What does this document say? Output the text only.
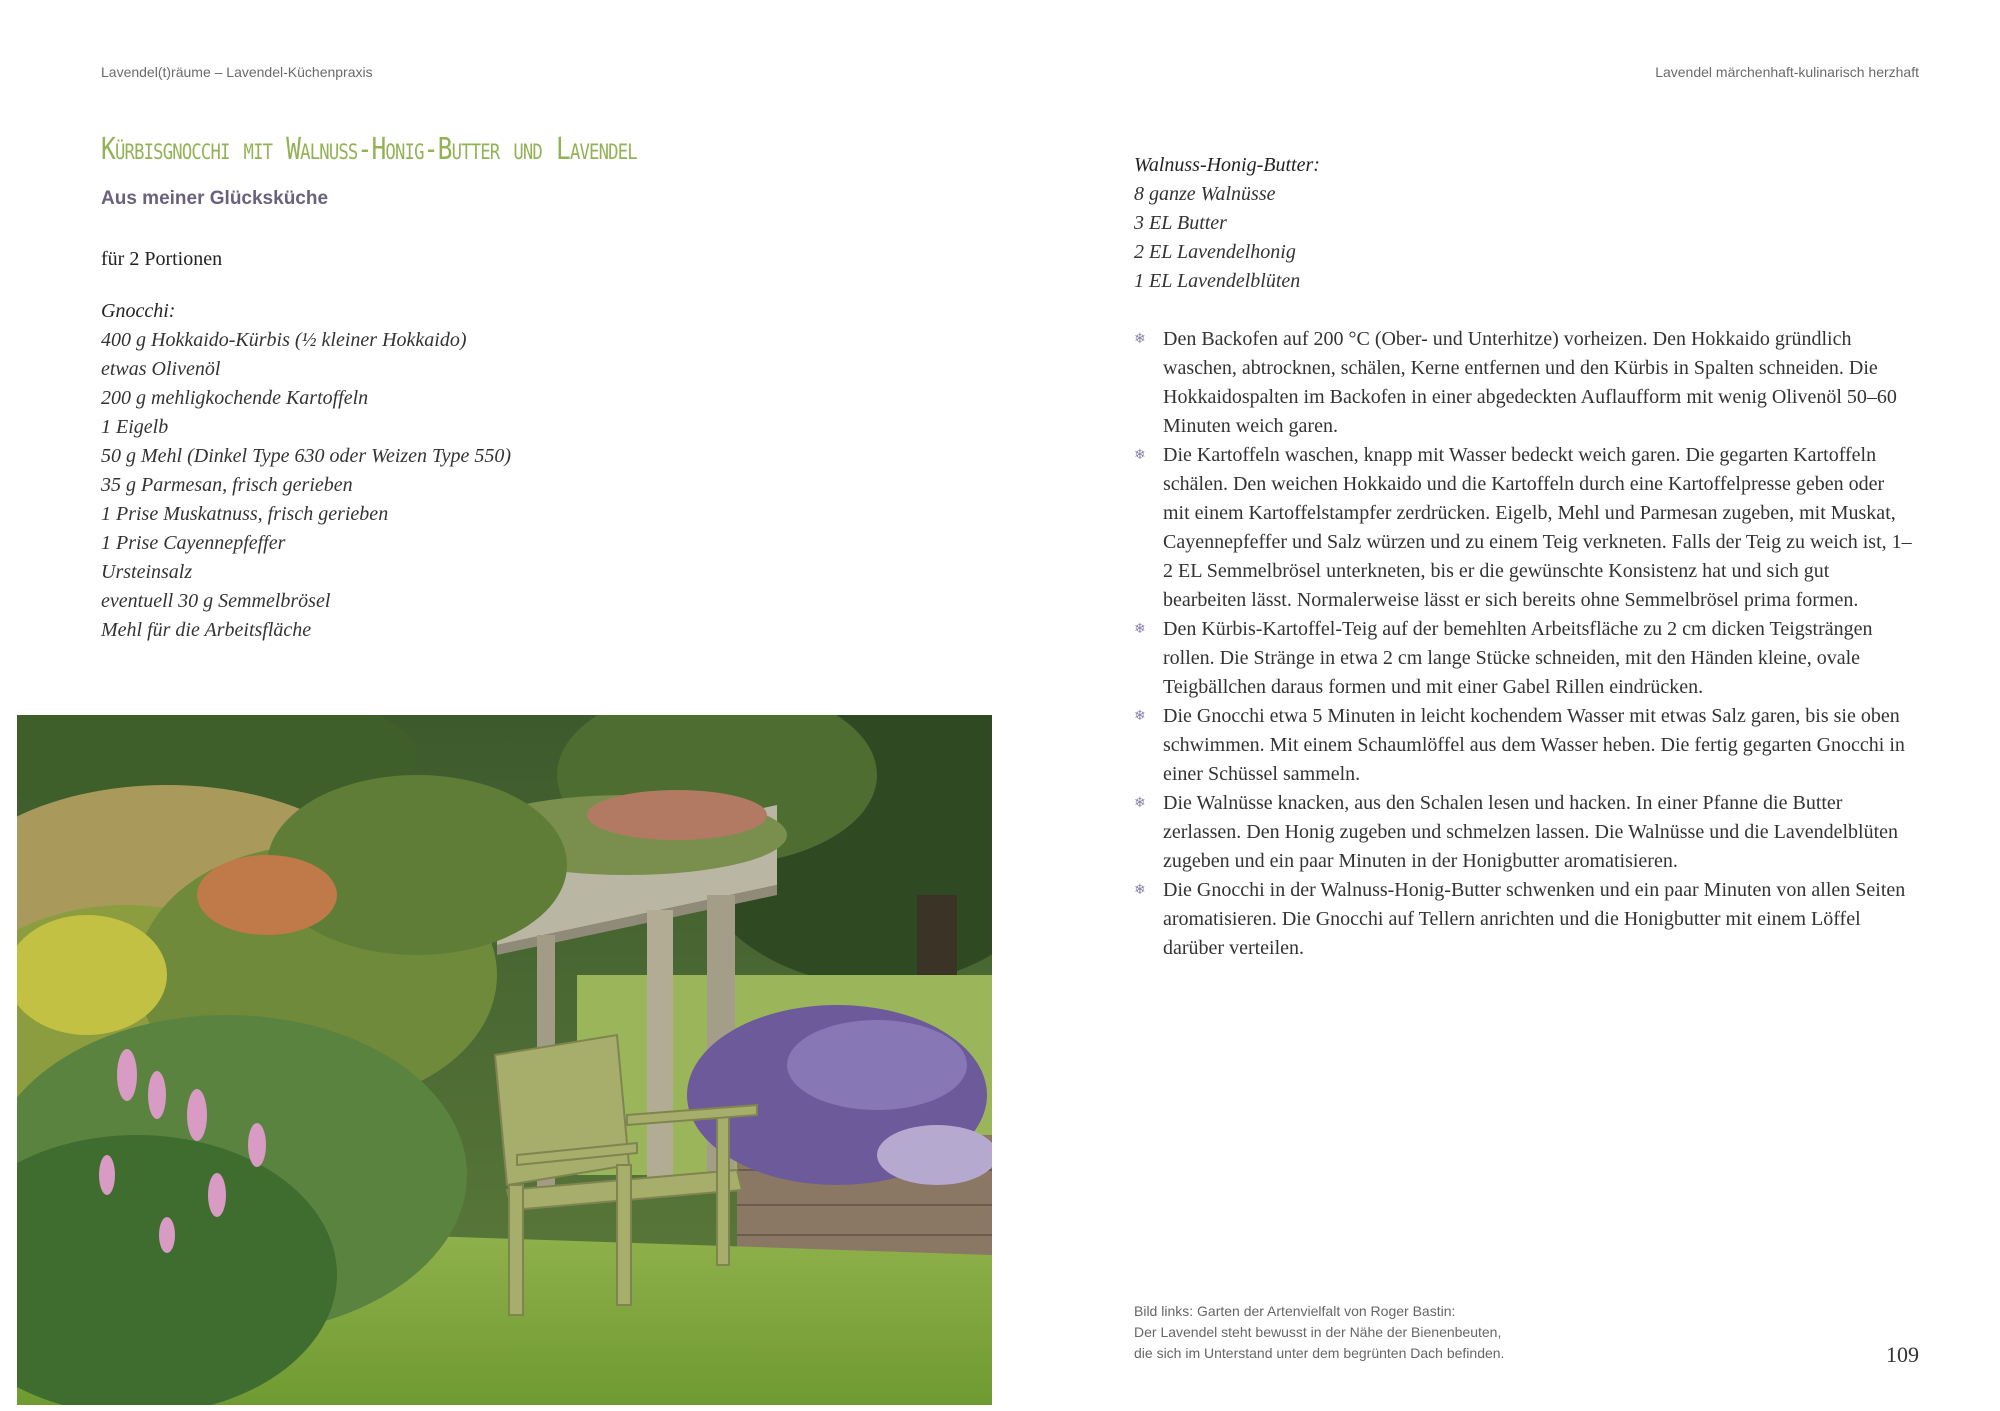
Lavendel(t)räume – Lavendel-Küchenpraxis	Lavendel märchenhaft-kulinarisch herzhaft
Kürbisgnocchi mit Walnuss-Honig-Butter und Lavendel
Aus meiner Glücksküche
für 2 Portionen
Gnocchi:
400 g Hokkaido-Kürbis (½ kleiner Hokkaido)
etwas Olivenöl
200 g mehligkochende Kartoffeln
1 Eigelb
50 g Mehl (Dinkel Type 630 oder Weizen Type 550)
35 g Parmesan, frisch gerieben
1 Prise Muskatnuss, frisch gerieben
1 Prise Cayennepfeffer
Ursteinsalz
eventuell 30 g Semmelbrösel
Mehl für die Arbeitsfläche
Walnuss-Honig-Butter:
8 ganze Walnüsse
3 EL Butter
2 EL Lavendelhonig
1 EL Lavendelblüten
❄ Den Backofen auf 200 °C (Ober- und Unterhitze) vorheizen. Den Hokkaido gründlich waschen, abtrocknen, schälen, Kerne entfernen und den Kürbis in Spalten schneiden. Die Hokkaidospalten im Backofen in einer abgedeckten Auflaufform mit wenig Olivenöl 50–60 Minuten weich garen.
❄ Die Kartoffeln waschen, knapp mit Wasser bedeckt weich garen. Die gegarten Kartoffeln schälen. Den weichen Hokkaido und die Kartoffeln durch eine Kartoffelpresse geben oder mit einem Kartoffelstampfer zerdrücken. Eigelb, Mehl und Parmesan zugeben, mit Muskat, Cayennepfeffer und Salz würzen und zu einem Teig verkneten. Falls der Teig zu weich ist, 1–2 EL Semmelbrösel unterkneten, bis er die gewünschte Konsistenz hat und sich gut bearbeiten lässt. Normalerweise lässt er sich bereits ohne Semmelbrösel prima formen.
❄ Den Kürbis-Kartoffel-Teig auf der bemehlten Arbeitsfläche zu 2 cm dicken Teigsträngen rollen. Die Stränge in etwa 2 cm lange Stücke schneiden, mit den Händen kleine, ovale Teigbällchen daraus formen und mit einer Gabel Rillen eindrücken.
❄ Die Gnocchi etwa 5 Minuten in leicht kochendem Wasser mit etwas Salz garen, bis sie oben schwimmen. Mit einem Schaumlöffel aus dem Wasser heben. Die fertig gegarten Gnocchi in einer Schüssel sammeln.
❄ Die Walnüsse knacken, aus den Schalen lesen und hacken. In einer Pfanne die Butter zerlassen. Den Honig zugeben und schmelzen lassen. Die Walnüsse und die Lavendelblüten zugeben und ein paar Minuten in der Honigbutter aromatisieren.
❄ Die Gnocchi in der Walnuss-Honig-Butter schwenken und ein paar Minuten von allen Seiten aromatisieren. Die Gnocchi auf Tellern anrichten und die Honigbutter mit einem Löffel darüber verteilen.
Bild links: Garten der Artenvielfalt von Roger Bastin:
Der Lavendel steht bewusst in der Nähe der Bienenbeuten,
die sich im Unterstand unter dem begrünten Dach befinden.	109
